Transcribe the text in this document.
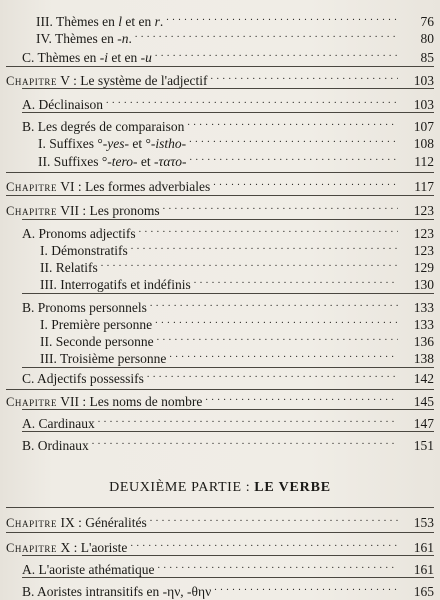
III. Thèmes en l et en r. . . .	76
IV. Thèmes en -n. . . .	80
C. Thèmes en -i et en -u . . .	85
Chapitre V : Le système de l'adjectif . . .	103
A. Déclinaison . . .	103
B. Les degrés de comparaison . . .	107
I. Suffixes °-yes- et °-istho- . . .	108
II. Suffixes °-tero- et -τατο- . . .	112
Chapitre VI : Les formes adverbiales . . .	117
Chapitre VII : Les pronoms . . .	123
A. Pronoms adjectifs . . .	123
I. Démonstratifs . . .	123
II. Relatifs . . .	129
III. Interrogatifs et indéfinis . . .	130
B. Pronoms personnels . . .	133
I. Première personne . . .	133
II. Seconde personne . . .	136
III. Troisième personne . . .	138
C. Adjectifs possessifs . . .	142
Chapitre VII : Les noms de nombre . . .	145
A. Cardinaux . . .	147
B. Ordinaux . . .	151
DEUXIÈME PARTIE : LE VERBE
Chapitre IX : Généralités . . .	153
Chapitre X : L'aoriste . . .	161
A. L'aoriste athématique . . .	161
B. Aoristes intransitifs en -ην, -θην . . .	165
